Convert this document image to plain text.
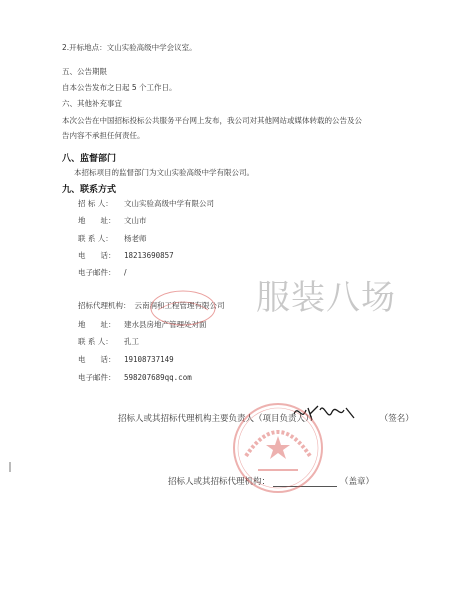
2.开标地点：文山实验高级中学会议室。
五、公告期限
自本公告发布之日起 5 个工作日。
六、其他补充事宜
本次公告在中国招标投标公共服务平台网上发布，我公司对其他网站或媒体转载的公告及公
告内容不承担任何责任。
八、监督部门
本招标项目的监督部门为文山实验高级中学有限公司。
九、联系方式
招 标 人： 文山实验高级中学有限公司
地　　址： 文山市
联 系 人： 杨老师
电　　话： 18213690857
电子邮件： /
招标代理机构： 云南润和工程管理有限公司
地　　址： 建水县房地产管理处对面
联 系 人： 孔工
电　　话： 19108737149
电子邮件： 598207689qq.com
服装八场
招标人或其招标代理机构主要负责人（项目负责人）：	（签名）
招标人或其招标代理机构：	（盖章）
